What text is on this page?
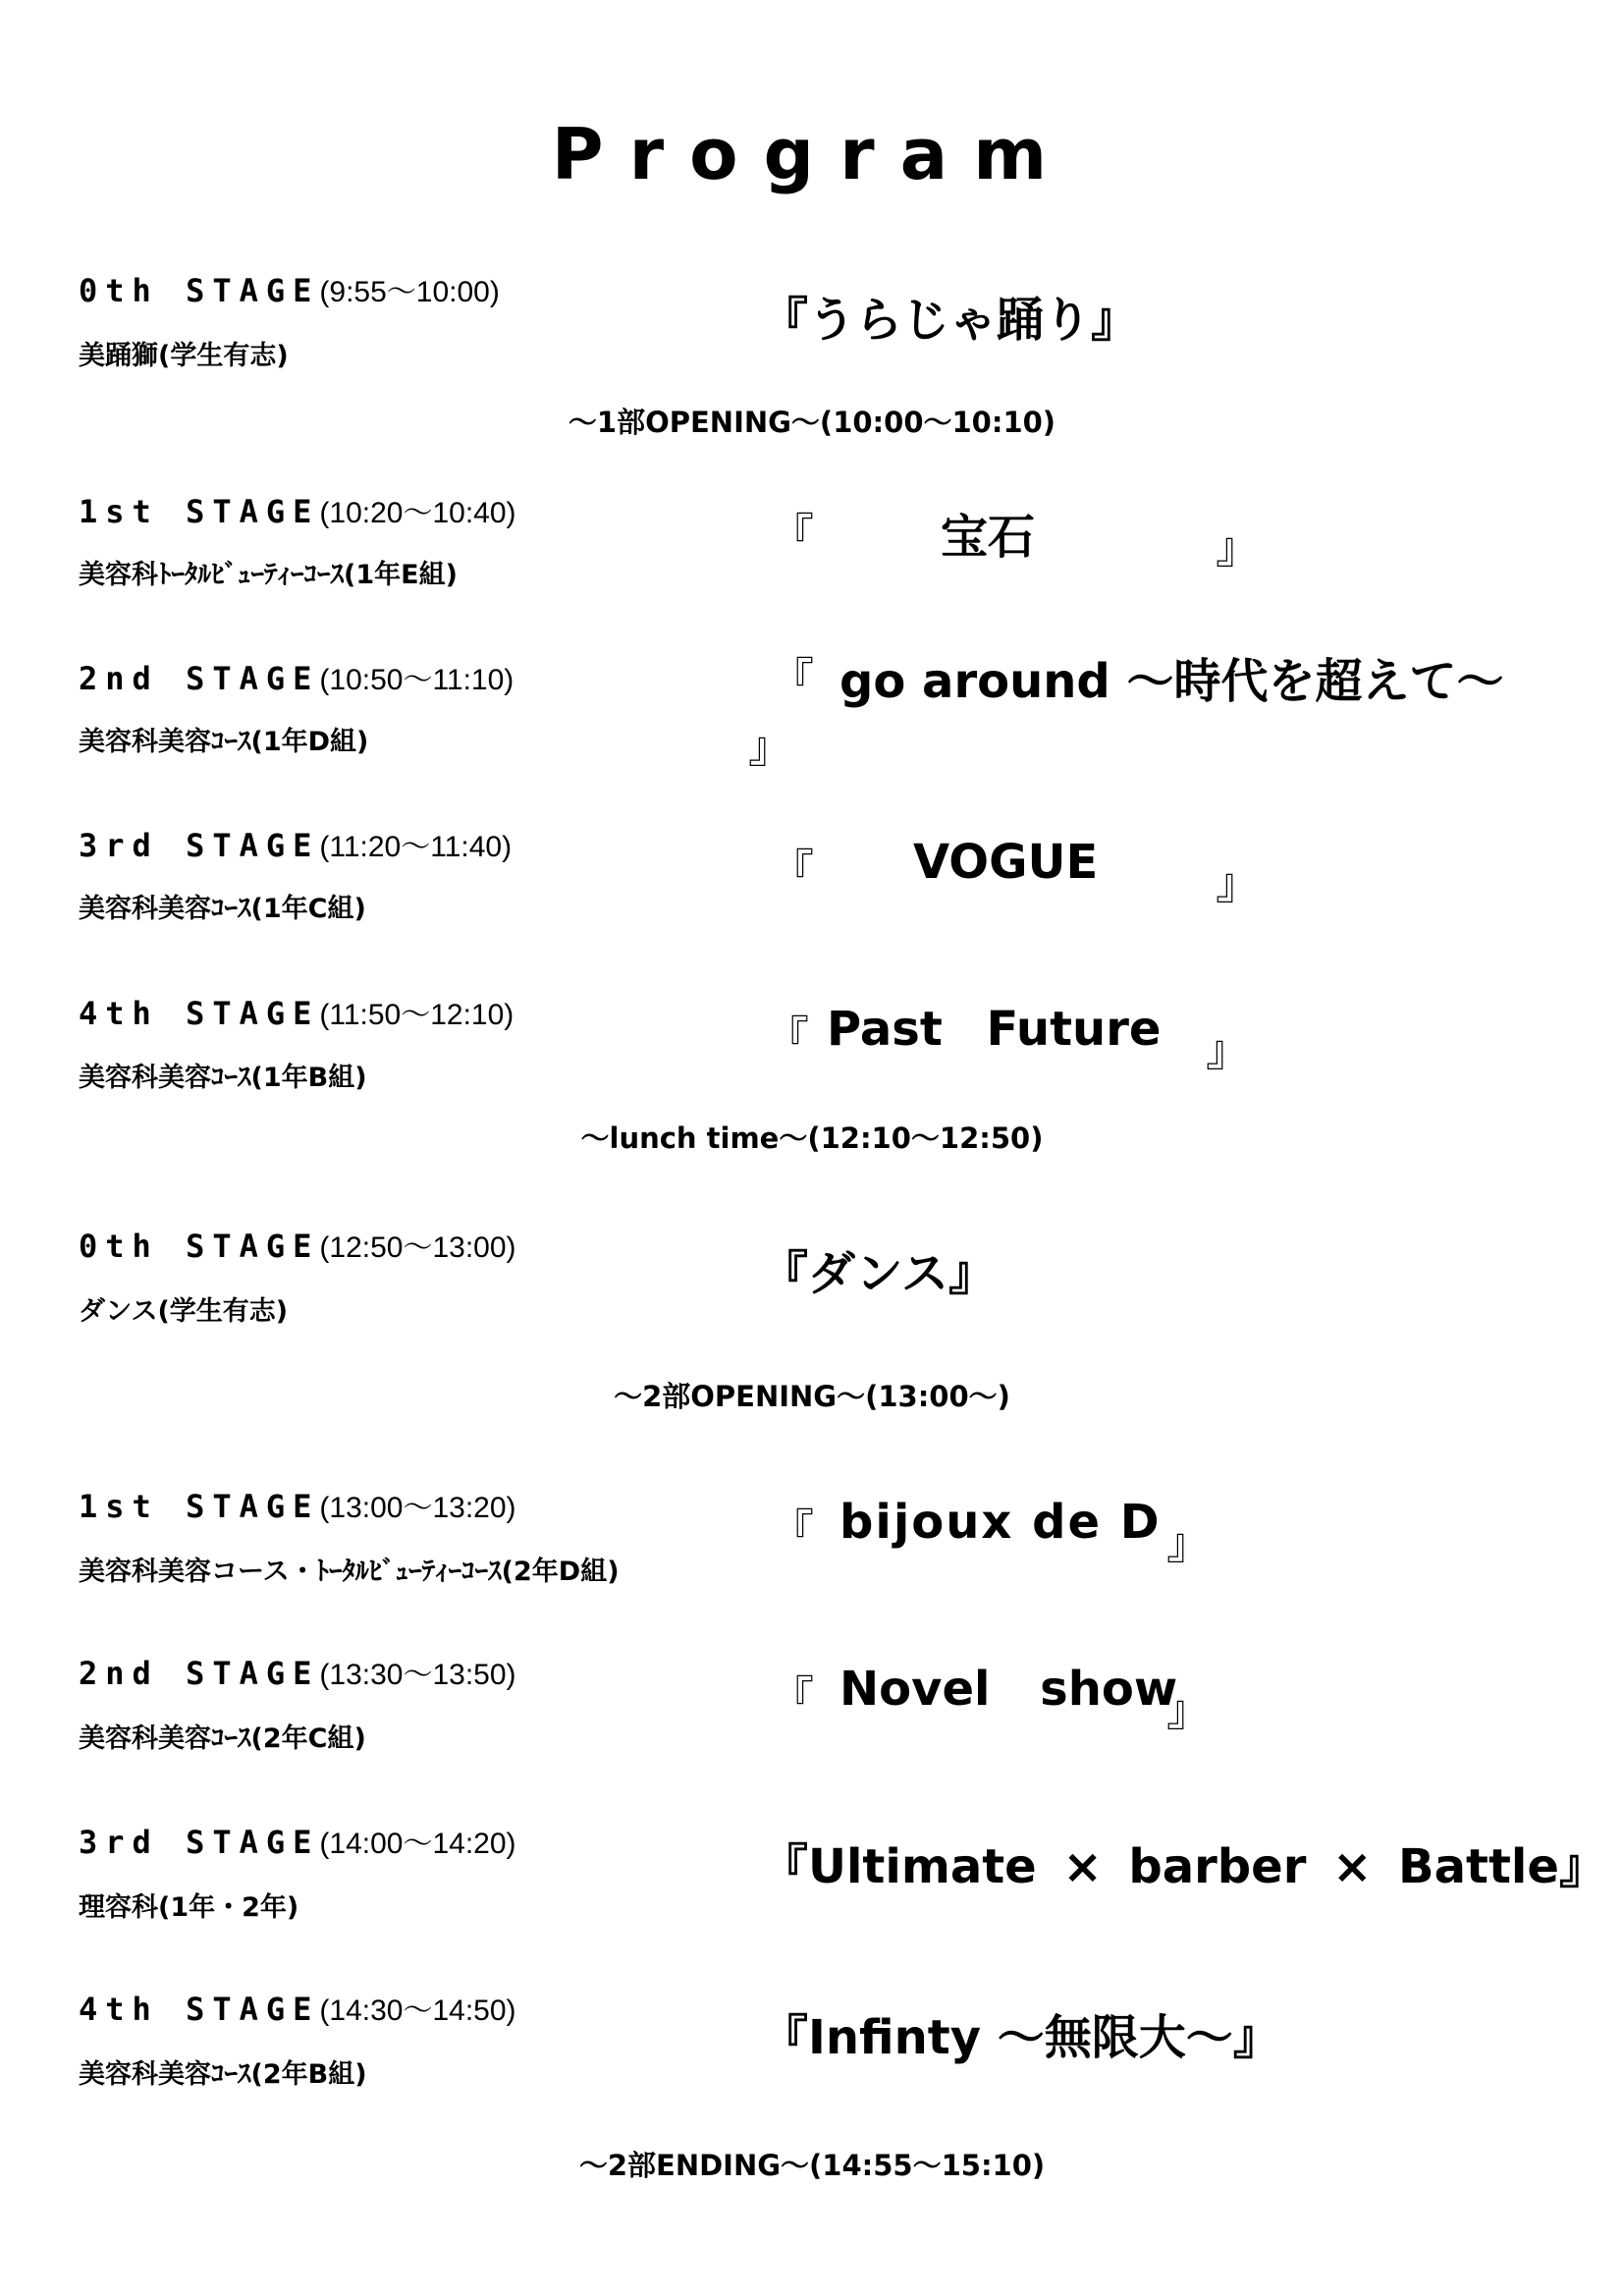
Program
0th STAGE(9:55〜10:00)
美踊獅(学生有志)
『うらじゃ踊り』
〜1部OPENING〜(10:00〜10:10)
1st STAGE(10:20〜10:40)
美容科ﾄｰﾀﾙﾋﾞｭｰﾃｨｰｺｰｽ(1年E組)
『	宝石	』
2nd STAGE(10:50〜11:10)
美容科美容ｺｰｽ(1年D組)
『 go around 〜時代を超えて〜
』
3rd STAGE(11:20〜11:40)
美容科美容ｺｰｽ(1年C組)
『 VOGUE	』
4th STAGE(11:50〜12:10)
美容科美容ｺｰｽ(1年B組)
『 Past Future 』
〜lunch time〜(12:10〜12:50)
0th STAGE(12:50〜13:00)
ダンス(学生有志)
『ダンス』
〜2部OPENING〜(13:00〜)
1st STAGE(13:00〜13:20)
美容科美容コース・ﾄｰﾀﾙﾋﾞｭｰﾃｨｰｺｰｽ(2年D組)
『 bijoux de D 』
2nd STAGE(13:30〜13:50)
美容科美容ｺｰｽ(2年C組)
『 Novel show
』
3rd STAGE(14:00〜14:20)
理容科(1年・2年)
『Ultimate × barber × Battle』
4th STAGE(14:30〜14:50)
美容科美容ｺｰｽ(2年B組)
『Infinty 〜無限大〜』
〜2部ENDING〜(14:55〜15:10)
